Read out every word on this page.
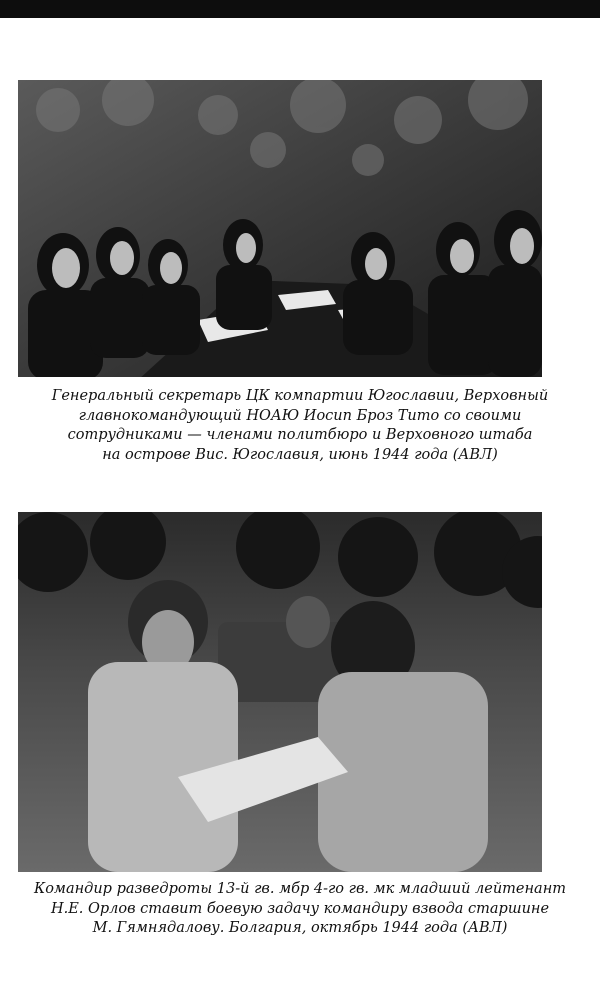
Генеральный секретарь ЦК компартии Югославии, Верховный
главнокомандующий НОАЮ Иосип Броз Тито со своими
сотрудниками — членами политбюро и Верховного штаба
на острове Вис. Югославия, июнь 1944 года (АВЛ)
Командир разведроты 13-й гв. мбр 4-го гв. мк младший лейтенант
Н.Е. Орлов ставит боевую задачу командиру взвода старшине
М. Гямнядалову. Болгария, октябрь 1944 года (АВЛ)
